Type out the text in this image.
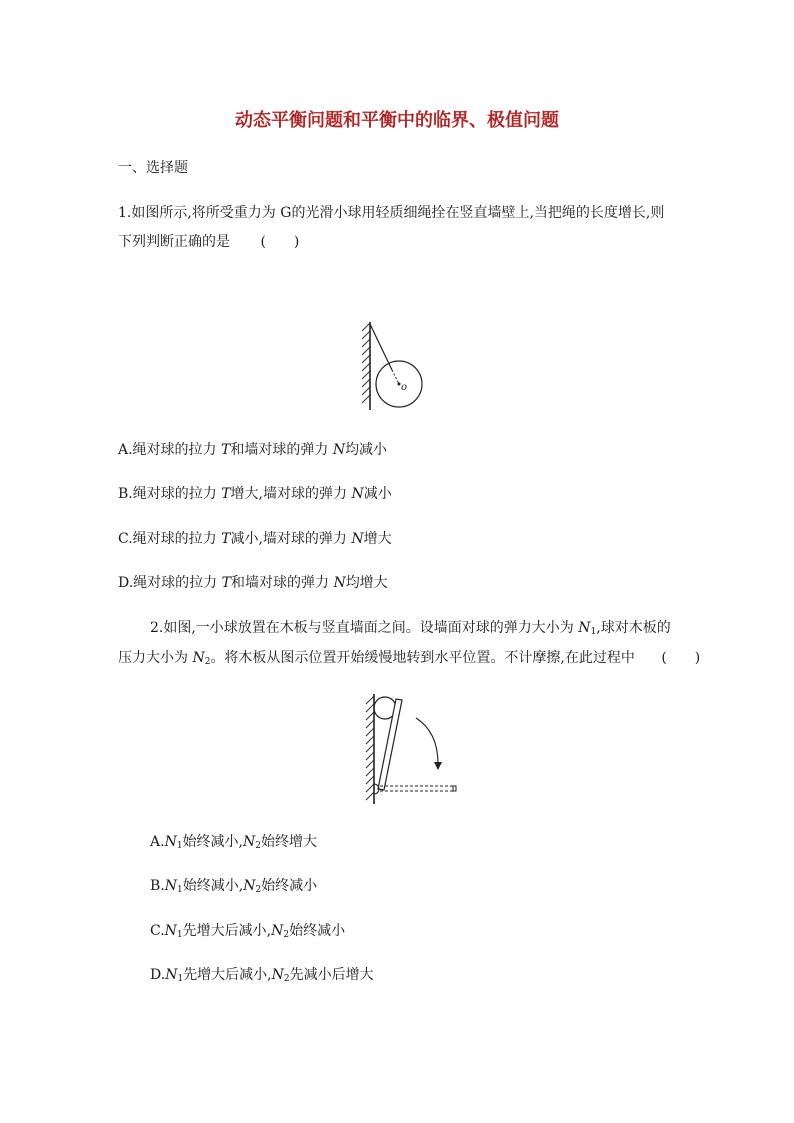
动态平衡问题和平衡中的临界、极值问题
一、选择题
1.如图所示,将所受重力为 G的光滑小球用轻质细绳拴在竖直墙壁上,当把绳的长度增长,则
下列判断正确的是 (　　)
o
A.绳对球的拉力 T和墙对球的弹力 N均减小
B.绳对球的拉力 T增大,墙对球的弹力 N减小
C.绳对球的拉力 T减小,墙对球的弹力 N增大
D.绳对球的拉力 T和墙对球的弹力 N均增大
2.如图,一小球放置在木板与竖直墙面之间。设墙面对球的弹力大小为 $N_1$,球对木板的
压力大小为 $N_2$。将木板从图示位置开始缓慢地转到水平位置。不计摩擦,在此过程中 (　　)
$A.N_1$始终减小$,N_2$始终增大
$B.N_1$始终减小$,N_2$始终减小
$C.N_1$先增大后减小$,N_2$始终减小
$D.N_1$先增大后减小$,N_2$先减小后增大
